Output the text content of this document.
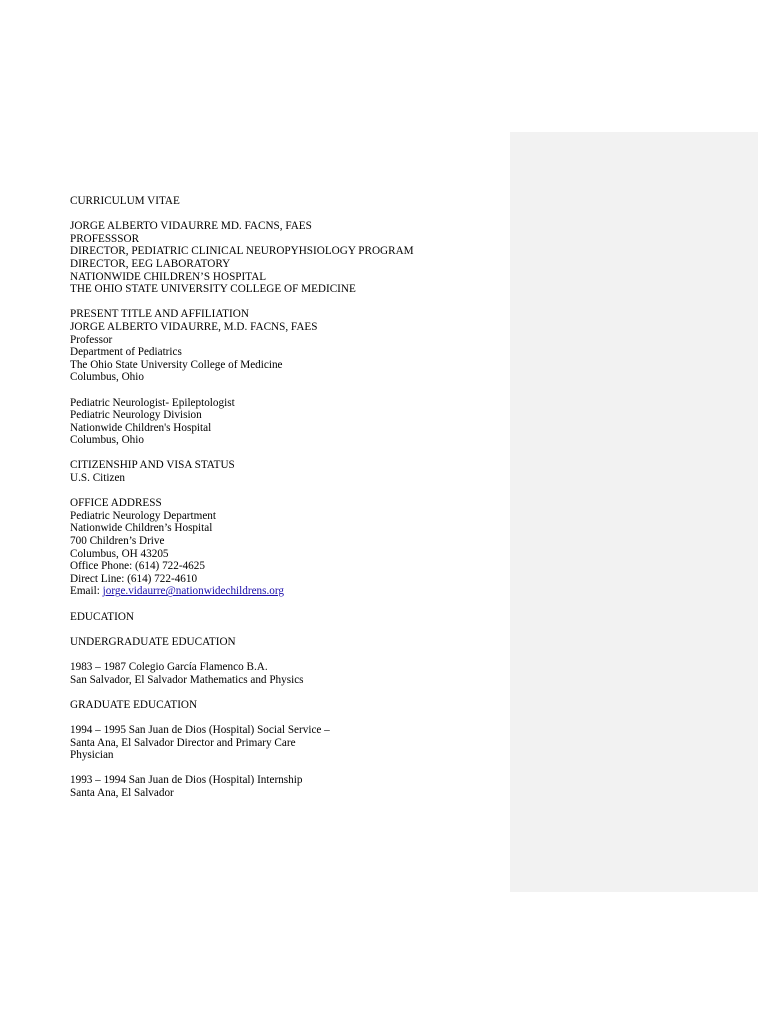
CURRICULUM VITAE
JORGE ALBERTO VIDAURRE MD. FACNS, FAES
PROFESSSOR
DIRECTOR, PEDIATRIC CLINICAL NEUROPYHSIOLOGY PROGRAM
DIRECTOR, EEG LABORATORY
NATIONWIDE CHILDREN’S HOSPITAL
THE OHIO STATE UNIVERSITY COLLEGE OF MEDICINE
PRESENT TITLE AND AFFILIATION
JORGE ALBERTO VIDAURRE, M.D. FACNS, FAES
Professor
Department of Pediatrics
The Ohio State University College of Medicine
Columbus, Ohio
Pediatric Neurologist- Epileptologist
Pediatric Neurology Division
Nationwide Children's Hospital
Columbus, Ohio
CITIZENSHIP AND VISA STATUS
U.S. Citizen
OFFICE ADDRESS
Pediatric Neurology Department
Nationwide Children’s Hospital
700 Children’s Drive
Columbus, OH 43205
Office Phone: (614) 722-4625
Direct Line: (614) 722-4610
Email: jorge.vidaurre@nationwidechildrens.org
EDUCATION
UNDERGRADUATE EDUCATION
1983 – 1987 Colegio García Flamenco B.A.
San Salvador, El Salvador Mathematics and Physics
GRADUATE EDUCATION
1994 – 1995 San Juan de Dios (Hospital) Social Service –
Santa Ana, El Salvador Director and Primary Care
Physician
1993 – 1994 San Juan de Dios (Hospital) Internship
Santa Ana, El Salvador
